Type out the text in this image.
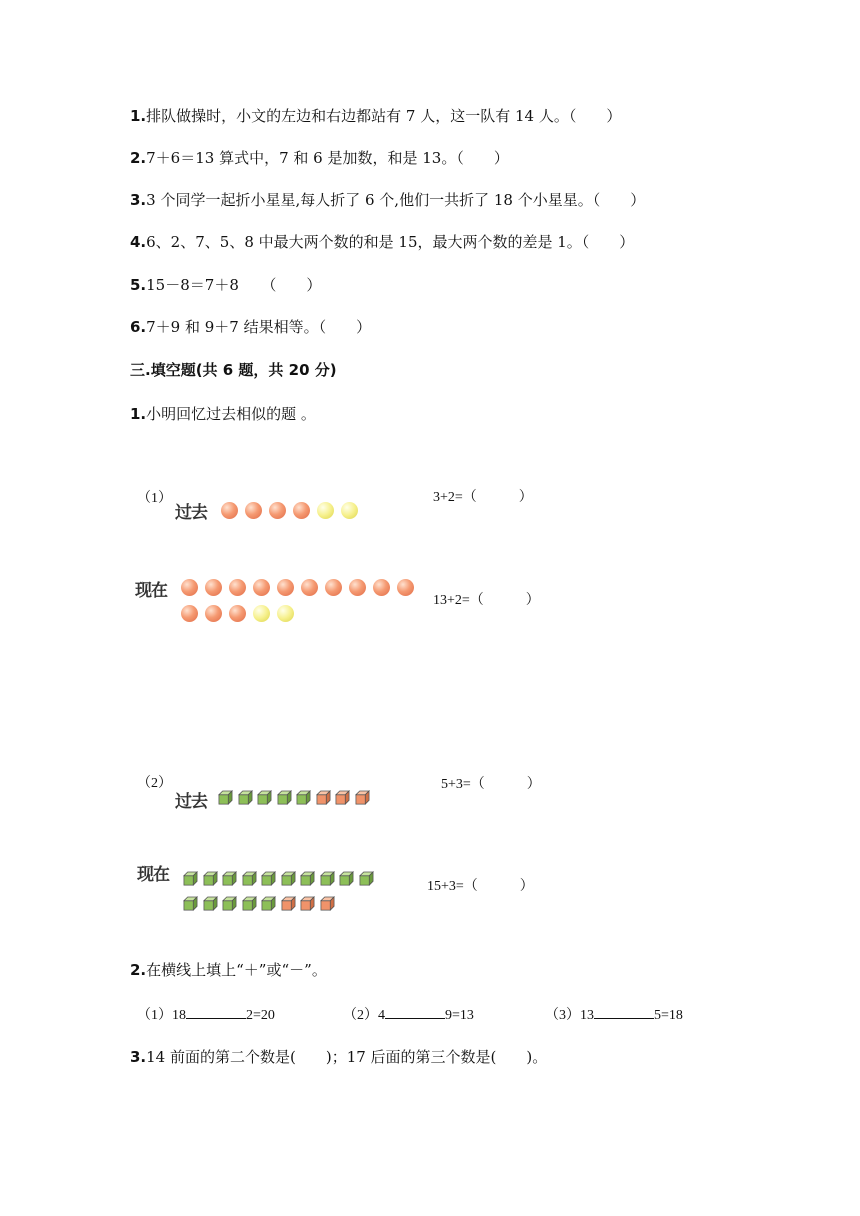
1.排队做操时，小文的左边和右边都站有 7 人，这一队有 14 人。（　　）
2.7＋6＝13 算式中，7 和 6 是加数，和是 13。（　　）
3.3 个同学一起折小星星,每人折了 6 个,他们一共折了 18 个小星星。（　　）
4.6、2、7、5、8 中最大两个数的和是 15，最大两个数的差是 1。（　　）
5.15－8＝7＋8　　（　　）
6.7＋9 和 9＋7 结果相等。（　　）
三.填空题(共 6 题，共 20 分)
1.小明回忆过去相似的题 。
（1）
过去
3+2=（　　　）
现在	13+2=（　　　）
（2）
过去
5+3=（　　　）
现在
15+3=（　　　）
2.在横线上填上“＋”或“－”。
（1）18	2=20	（2）4	9=13	（3）13	5=18
3.14 前面的第二个数是(　　)；17 后面的第三个数是(　　)。
